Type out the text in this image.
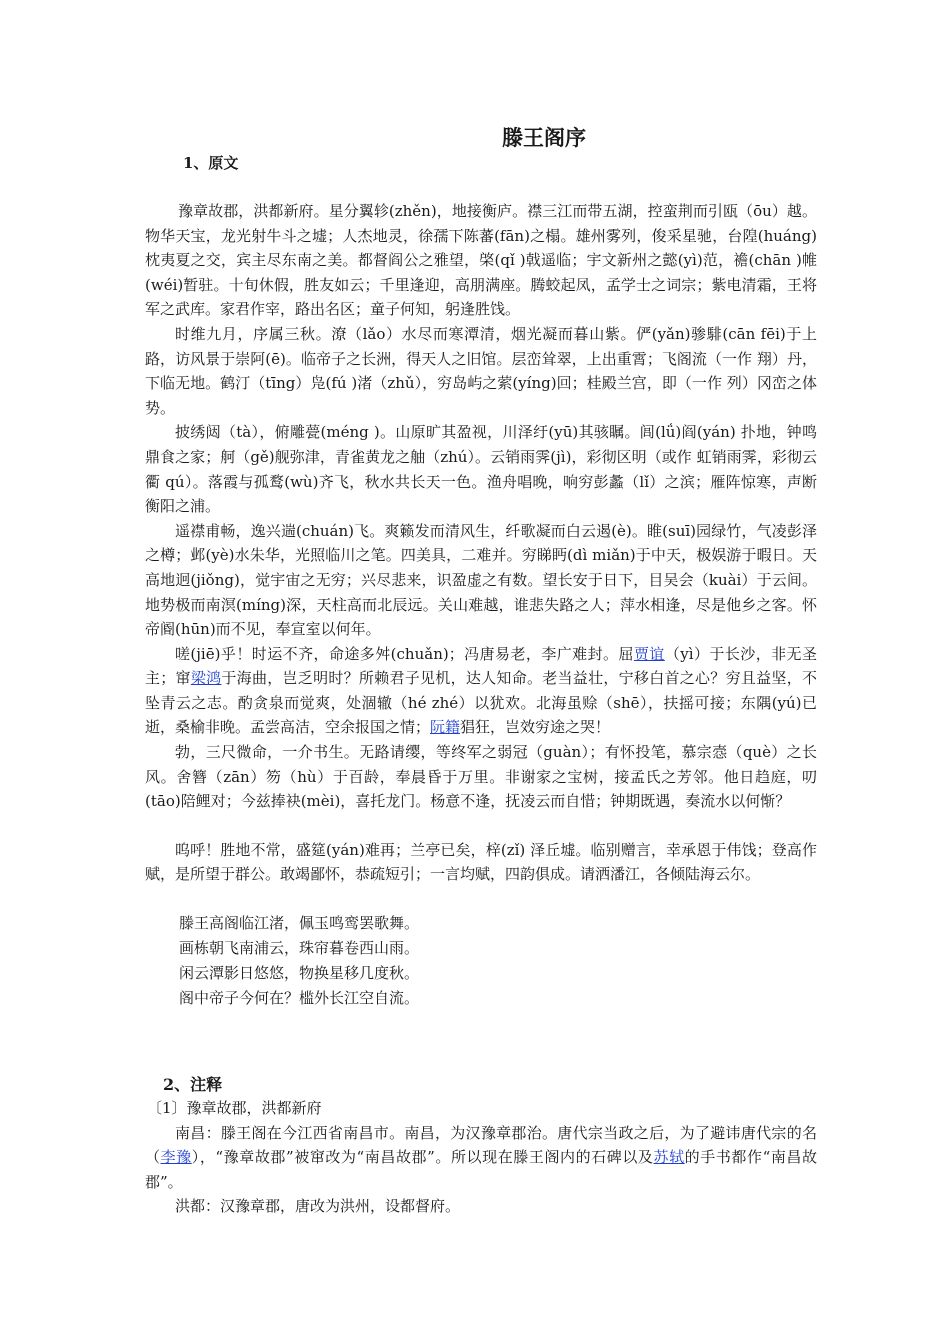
滕王阁序
1、原文

豫章故郡，洪都新府。星分翼轸(zhěn)，地接衡庐。襟三江而带五湖，控蛮荆而引瓯（ōu）越。物华天宝，龙光射牛斗之墟；人杰地灵，徐孺下陈蕃(fān)之榻。雄州雾列，俊采星驰，台隍(huáng)枕夷夏之交，宾主尽东南之美。都督阎公之雅望，棨(qǐ )戟遥临；宇文新州之懿(yì)范，襜(chān )帷(wéi)暂驻。十旬休假，胜友如云；千里逢迎，高朋满座。腾蛟起凤，孟学士之词宗；紫电清霜，王将军之武库。家君作宰，路出名区；童子何知，躬逢胜饯。

时维九月，序属三秋。潦（lǎo）水尽而寒潭清，烟光凝而暮山紫。俨(yǎn)骖騑(cān fēi)于上路，访风景于崇阿(ē)。临帝子之长洲，得天人之旧馆。层峦耸翠，上出重霄；飞阁流（一作 翔）丹，下临无地。鹤汀（tīng）凫(fú )渚（zhǔ），穷岛屿之萦(yíng)回；桂殿兰宫，即（一作 列）冈峦之体势。

披绣闼（tà），俯雕甍(méng )。山原旷其盈视，川泽纡(yū)其骇瞩。闾(lǘ)阎(yán) 扑地，钟鸣鼎食之家；舸（gě)舰弥津，青雀黄龙之舳（zhú）。云销雨霁(jì)，彩彻区明（或作 虹销雨霁，彩彻云衢 qú）。落霞与孤鹜(wù)齐飞，秋水共长天一色。渔舟唱晚，响穷彭蠡（lǐ）之滨；雁阵惊寒，声断衡阳之浦。

遥襟甫畅，逸兴遄(chuán)飞。爽籁发而清风生，纤歌凝而白云遏(è)。睢(suī)园绿竹，气凌彭泽之樽；邺(yè)水朱华，光照临川之笔。四美具，二难并。穷睇眄(dì miǎn)于中天，极娱游于暇日。天高地迥(jiǒng)，觉宇宙之无穷；兴尽悲来，识盈虚之有数。望长安于日下，目吴会（kuài）于云间。地势极而南溟(míng)深，天柱高而北辰远。关山难越，谁悲失路之人；萍水相逢，尽是他乡之客。怀帝阍(hūn)而不见，奉宣室以何年。

嗟(jiē)乎！时运不齐，命途多舛(chuǎn)；冯唐易老，李广难封。屈贾谊（yì）于长沙，非无圣主；窜梁鸿于海曲，岂乏明时？所赖君子见机，达人知命。老当益壮，宁移白首之心？穷且益坚，不坠青云之志。酌贪泉而觉爽，处涸辙（hé zhé）以犹欢。北海虽赊（shē），扶摇可接；东隅(yú)已逝，桑榆非晚。孟尝高洁，空余报国之情；阮籍猖狂，岂效穷途之哭！

勃，三尺微命，一介书生。无路请缨，等终军之弱冠（guàn）；有怀投笔，慕宗悫（què）之长风。舍簪（zān）笏（hù）于百龄，奉晨昏于万里。非谢家之宝树，接孟氏之芳邻。他日趋庭，叨(tāo)陪鲤对；今兹捧袂(mèi)，喜托龙门。杨意不逢，抚凌云而自惜；钟期既遇，奏流水以何惭？

呜呼！胜地不常，盛筵(yán)难再；兰亭已矣，梓(zǐ) 泽丘墟。临别赠言，幸承恩于伟饯；登高作赋，是所望于群公。敢竭鄙怀，恭疏短引；一言均赋，四韵俱成。请洒潘江，各倾陆海云尔。

滕王高阁临江渚，佩玉鸣鸾罢歌舞。

画栋朝飞南浦云，珠帘暮卷西山雨。

闲云潭影日悠悠，物换星移几度秋。

阁中帝子今何在？槛外长江空自流。

2、注释

〔1〕豫章故郡，洪都新府

南昌：滕王阁在今江西省南昌市。南昌，为汉豫章郡治。唐代宗当政之后，为了避讳唐代宗的名（李豫），“豫章故郡”被窜改为“南昌故郡”。所以现在滕王阁内的石碑以及苏轼的手书都作“南昌故郡”。

洪都：汉豫章郡，唐改为洪州，设都督府。
